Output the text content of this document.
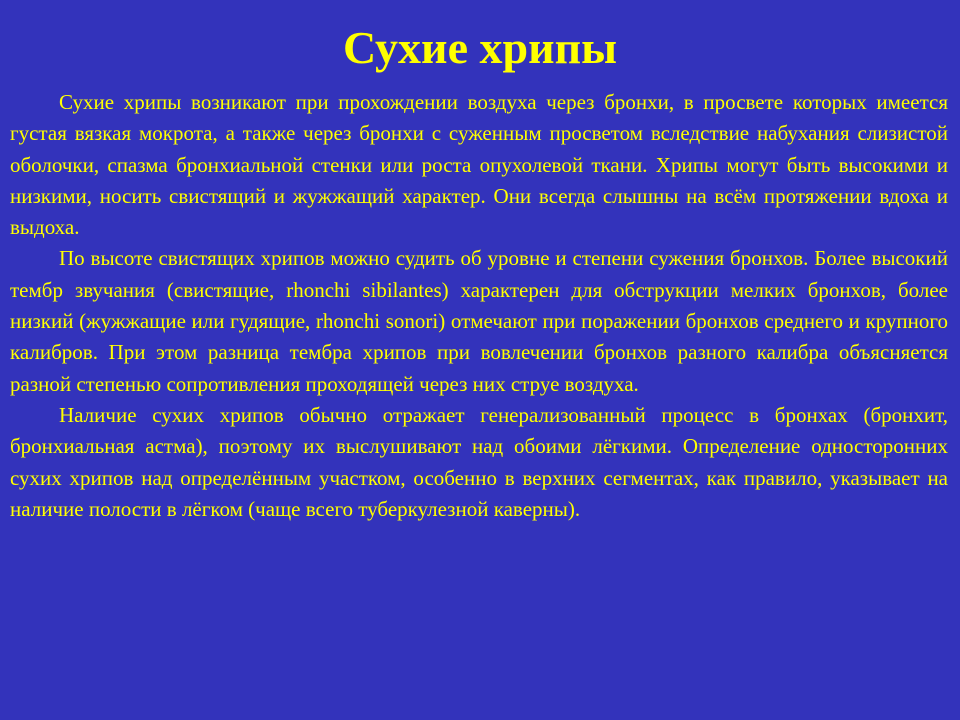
Сухие хрипы

Сухие хрипы возникают при прохождении воздуха через бронхи, в просвете которых имеется густая вязкая мокрота, а также через бронхи с суженным просветом вследствие набухания слизистой оболочки, спазма бронхиальной стенки или роста опухолевой ткани. Хрипы могут быть высокими и низкими, носить свистящий и жужжащий характер. Они всегда слышны на всём протяжении вдоха и выдоха.

По высоте свистящих хрипов можно судить об уровне и степени сужения бронхов. Более высокий тембр звучания (свистящие, rhonchi sibilantes) характерен для обструкции мелких бронхов, более низкий (жужжащие или гудящие, rhonchi sonori) отмечают при поражении бронхов среднего и крупного калибров. При этом разница тембра хрипов при вовлечении бронхов разного калибра объясняется разной степенью сопротивления проходящей через них струе воздуха.

Наличие сухих хрипов обычно отражает генерализованный процесс в бронхах (бронхит, бронхиальная астма), поэтому их выслушивают над обоими лёгкими. Определение односторонних сухих хрипов над определённым участком, особенно в верхних сегментах, как правило, указывает на наличие полости в лёгком (чаще всего туберкулезной каверны).
